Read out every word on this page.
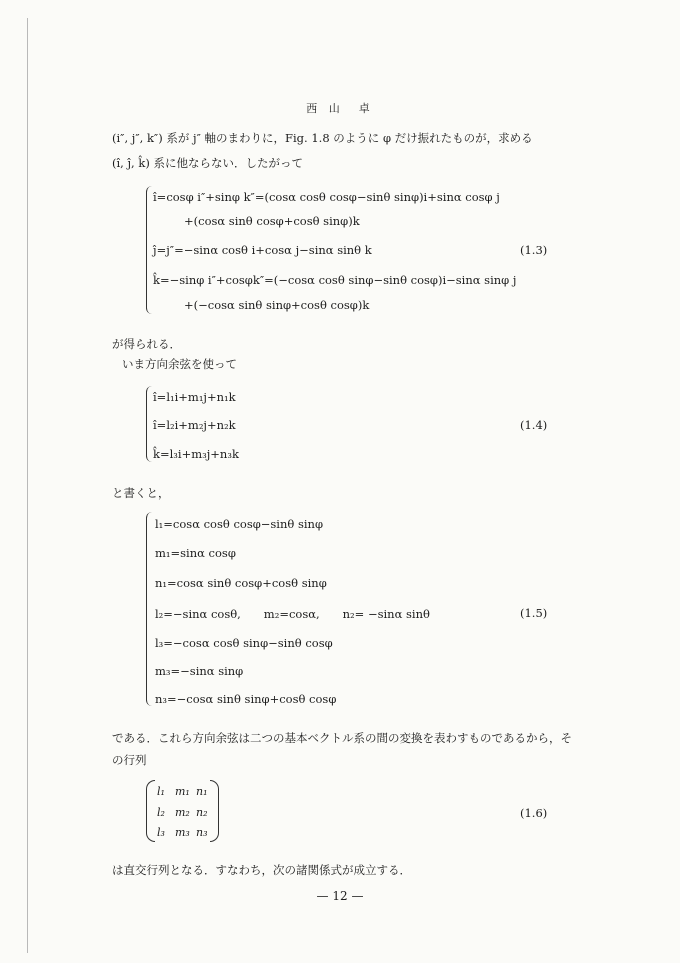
西 山　卓
(i″, j″, k″) 系が j″ 軸のまわりに，Fig. 1.8 のように φ だけ振れたものが，求める
(î, ĵ, k̂) 系に他ならない．したがって
î=cosφ i″+sinφ k″=(cosα cosθ cosφ−sinθ sinφ)i+sinα cosφ j
+(cosα sinθ cosφ+cosθ sinφ)k
ĵ=j″=−sinα cosθ i+cosα j−sinα sinθ k	(1.3)
k̂=−sinφ i″+cosφk″=(−cosα cosθ sinφ−sinθ cosφ)i−sinα sinφ j
+(−cosα sinθ sinφ+cosθ cosφ)k
が得られる．
いま方向余弦を使って
î=l₁i+m₁j+n₁k
î=l₂i+m₂j+n₂k	(1.4)
k̂=l₃i+m₃j+n₃k
と書くと，
l₁=cosα cosθ cosφ−sinθ sinφ
m₁=sinα cosφ
n₁=cosα sinθ cosφ+cosθ sinφ
l₂=−sinα cosθ,　　m₂=cosα,　　n₂= −sinα sinθ	(1.5)
l₃=−cosα cosθ sinφ−sinθ cosφ
m₃=−sinα sinφ
n₃=−cosα sinθ sinφ+cosθ cosφ
である．これら方向余弦は二つの基本ベクトル系の間の変換を表わすものであるから，そ
の行列
l₁ m₁ n₁
l₂ m₂ n₂
l₃ m₃ n₃
(1.6)
は直交行列となる．すなわち，次の諸関係式が成立する．
— 12 —
